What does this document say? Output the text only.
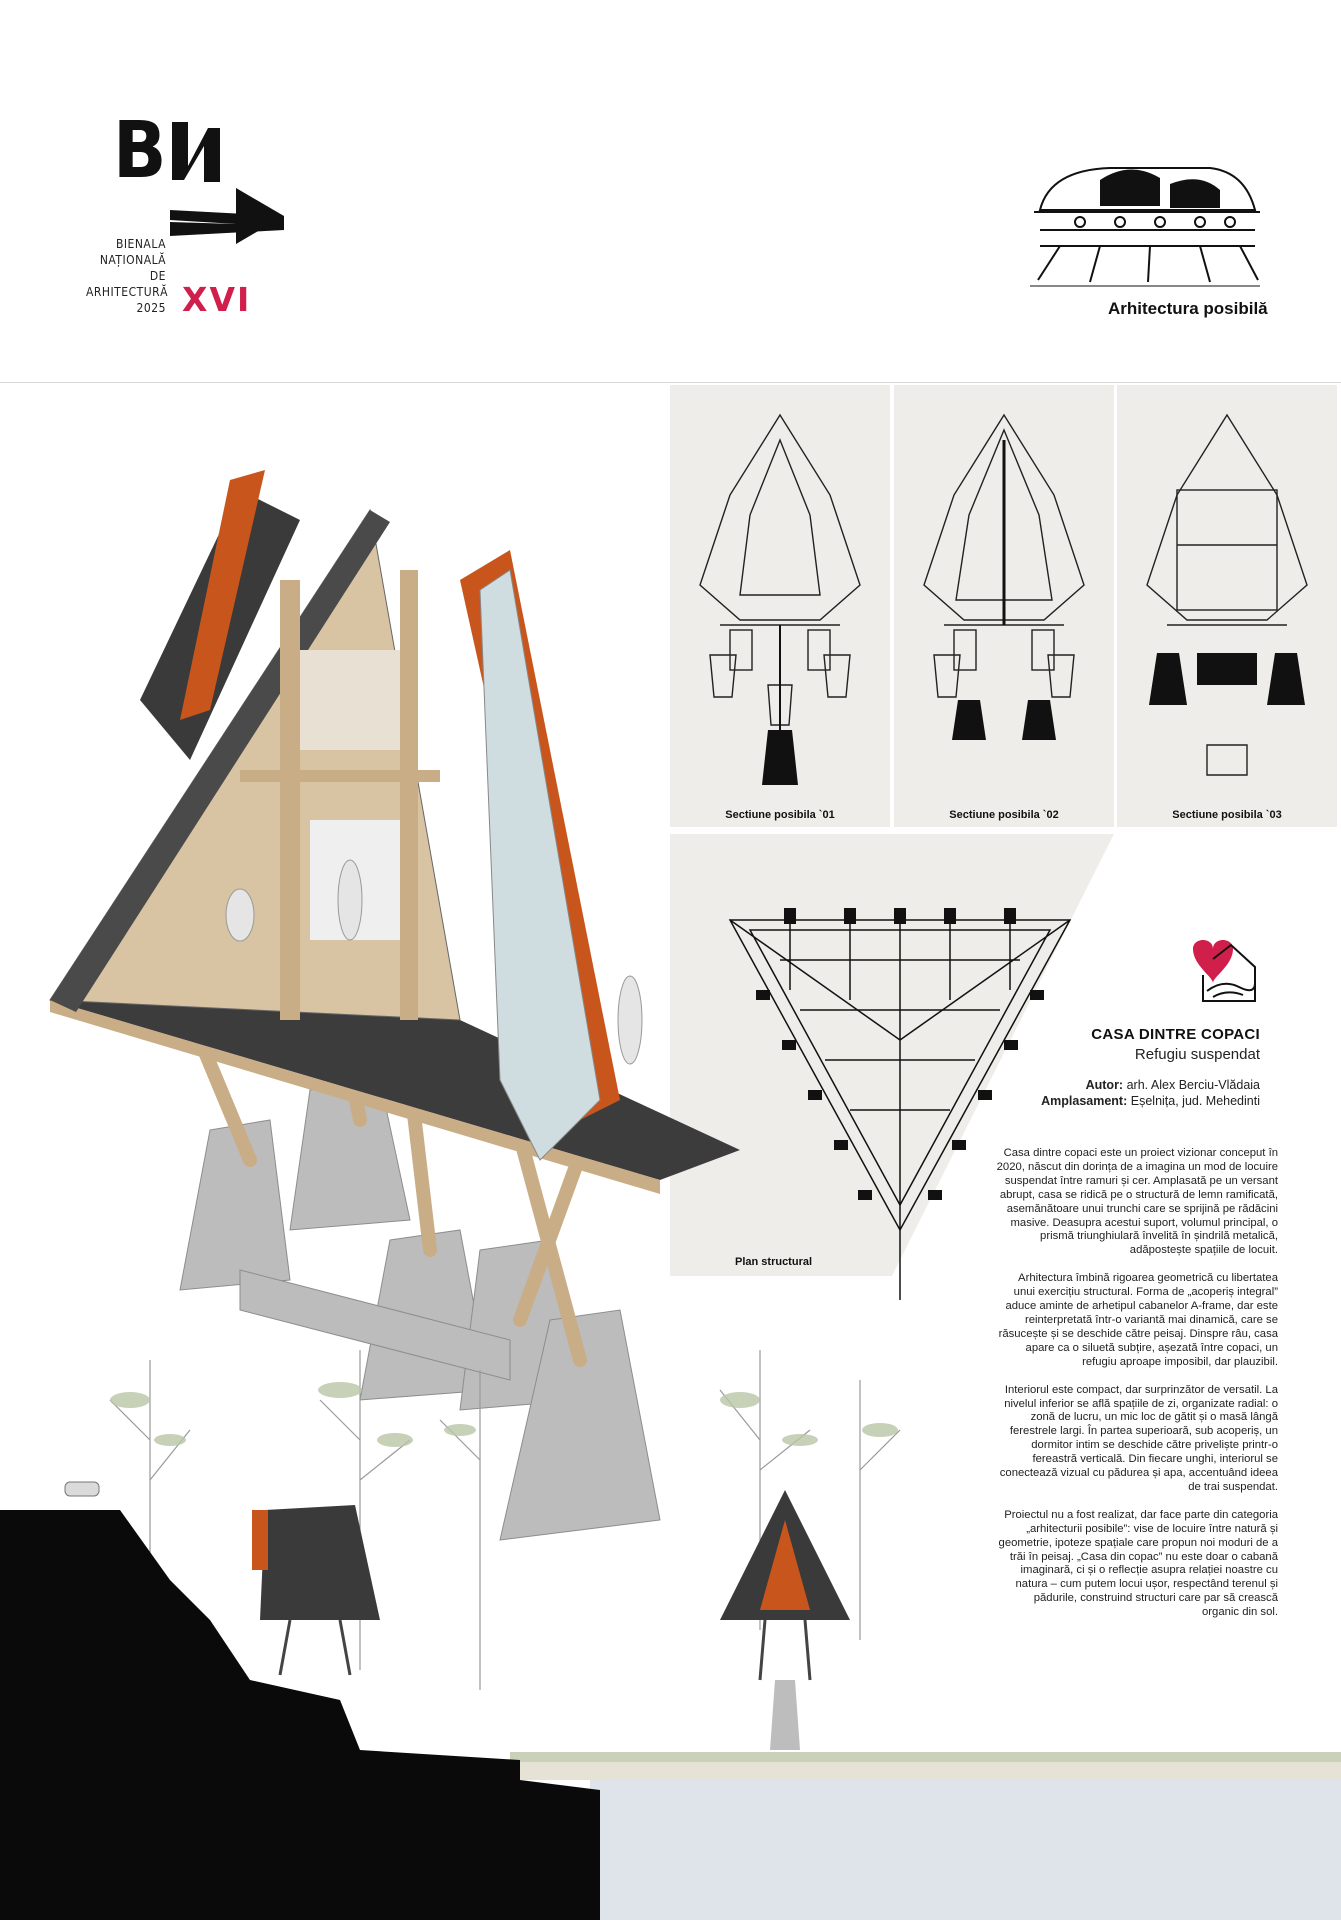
B
BIENALA
NAȚIONALĂ
DE
ARHITECTURĂ
2025 XVI	Arhitectura posibilă
Sectiune posibila `01	Sectiune posibila `02	Sectiune posibila `03
Plan structural
CASA DINTRE COPACI
Refugiu suspendat
Autor: arh. Alex Berciu-Vlădaia
Amplasament: Eșelnița, jud. Mehedinti

Casa dintre copaci este un proiect vizionar conceput în 2020, născut din dorința de a imagina un mod de locuire suspendat între ramuri și cer. Amplasată pe un versant abrupt, casa se ridică pe o structură de lemn ramificată, asemănătoare unui trunchi care se sprijină pe rădăcini masive. Deasupra acestui suport, volumul principal, o prismă triunghiulară învelită în șindrilă metalică, adăpostește spațiile de locuit.

Arhitectura îmbină rigoarea geometrică cu libertatea unui exercițiu structural. Forma de „acoperiș integral” aduce aminte de arhetipul cabanelor A-frame, dar este reinterpretată într-o variantă mai dinamică, care se răsucește și se deschide către peisaj. Dinspre râu, casa apare ca o siluetă subțire, așezată între copaci, un refugiu aproape imposibil, dar plauzibil.

Interiorul este compact, dar surprinzător de versatil. La nivelul inferior se află spațiile de zi, organizate radial: o zonă de lucru, un mic loc de gătit și o masă lângă ferestrele largi. În partea superioară, sub acoperiș, un dormitor intim se deschide către priveliște printr-o fereastră verticală. Din fiecare unghi, interiorul se conectează vizual cu pădurea și apa, accentuând ideea de trai suspendat.

Proiectul nu a fost realizat, dar face parte din categoria „arhitecturii posibile”: vise de locuire între natură și geometrie, ipoteze spațiale care propun noi moduri de a trăi în peisaj. „Casa din copac” nu este doar o cabană imaginară, ci și o reflecție asupra relației noastre cu natura – cum putem locui ușor, respectând terenul și pădurile, construind structuri care par să crească organic din sol.
